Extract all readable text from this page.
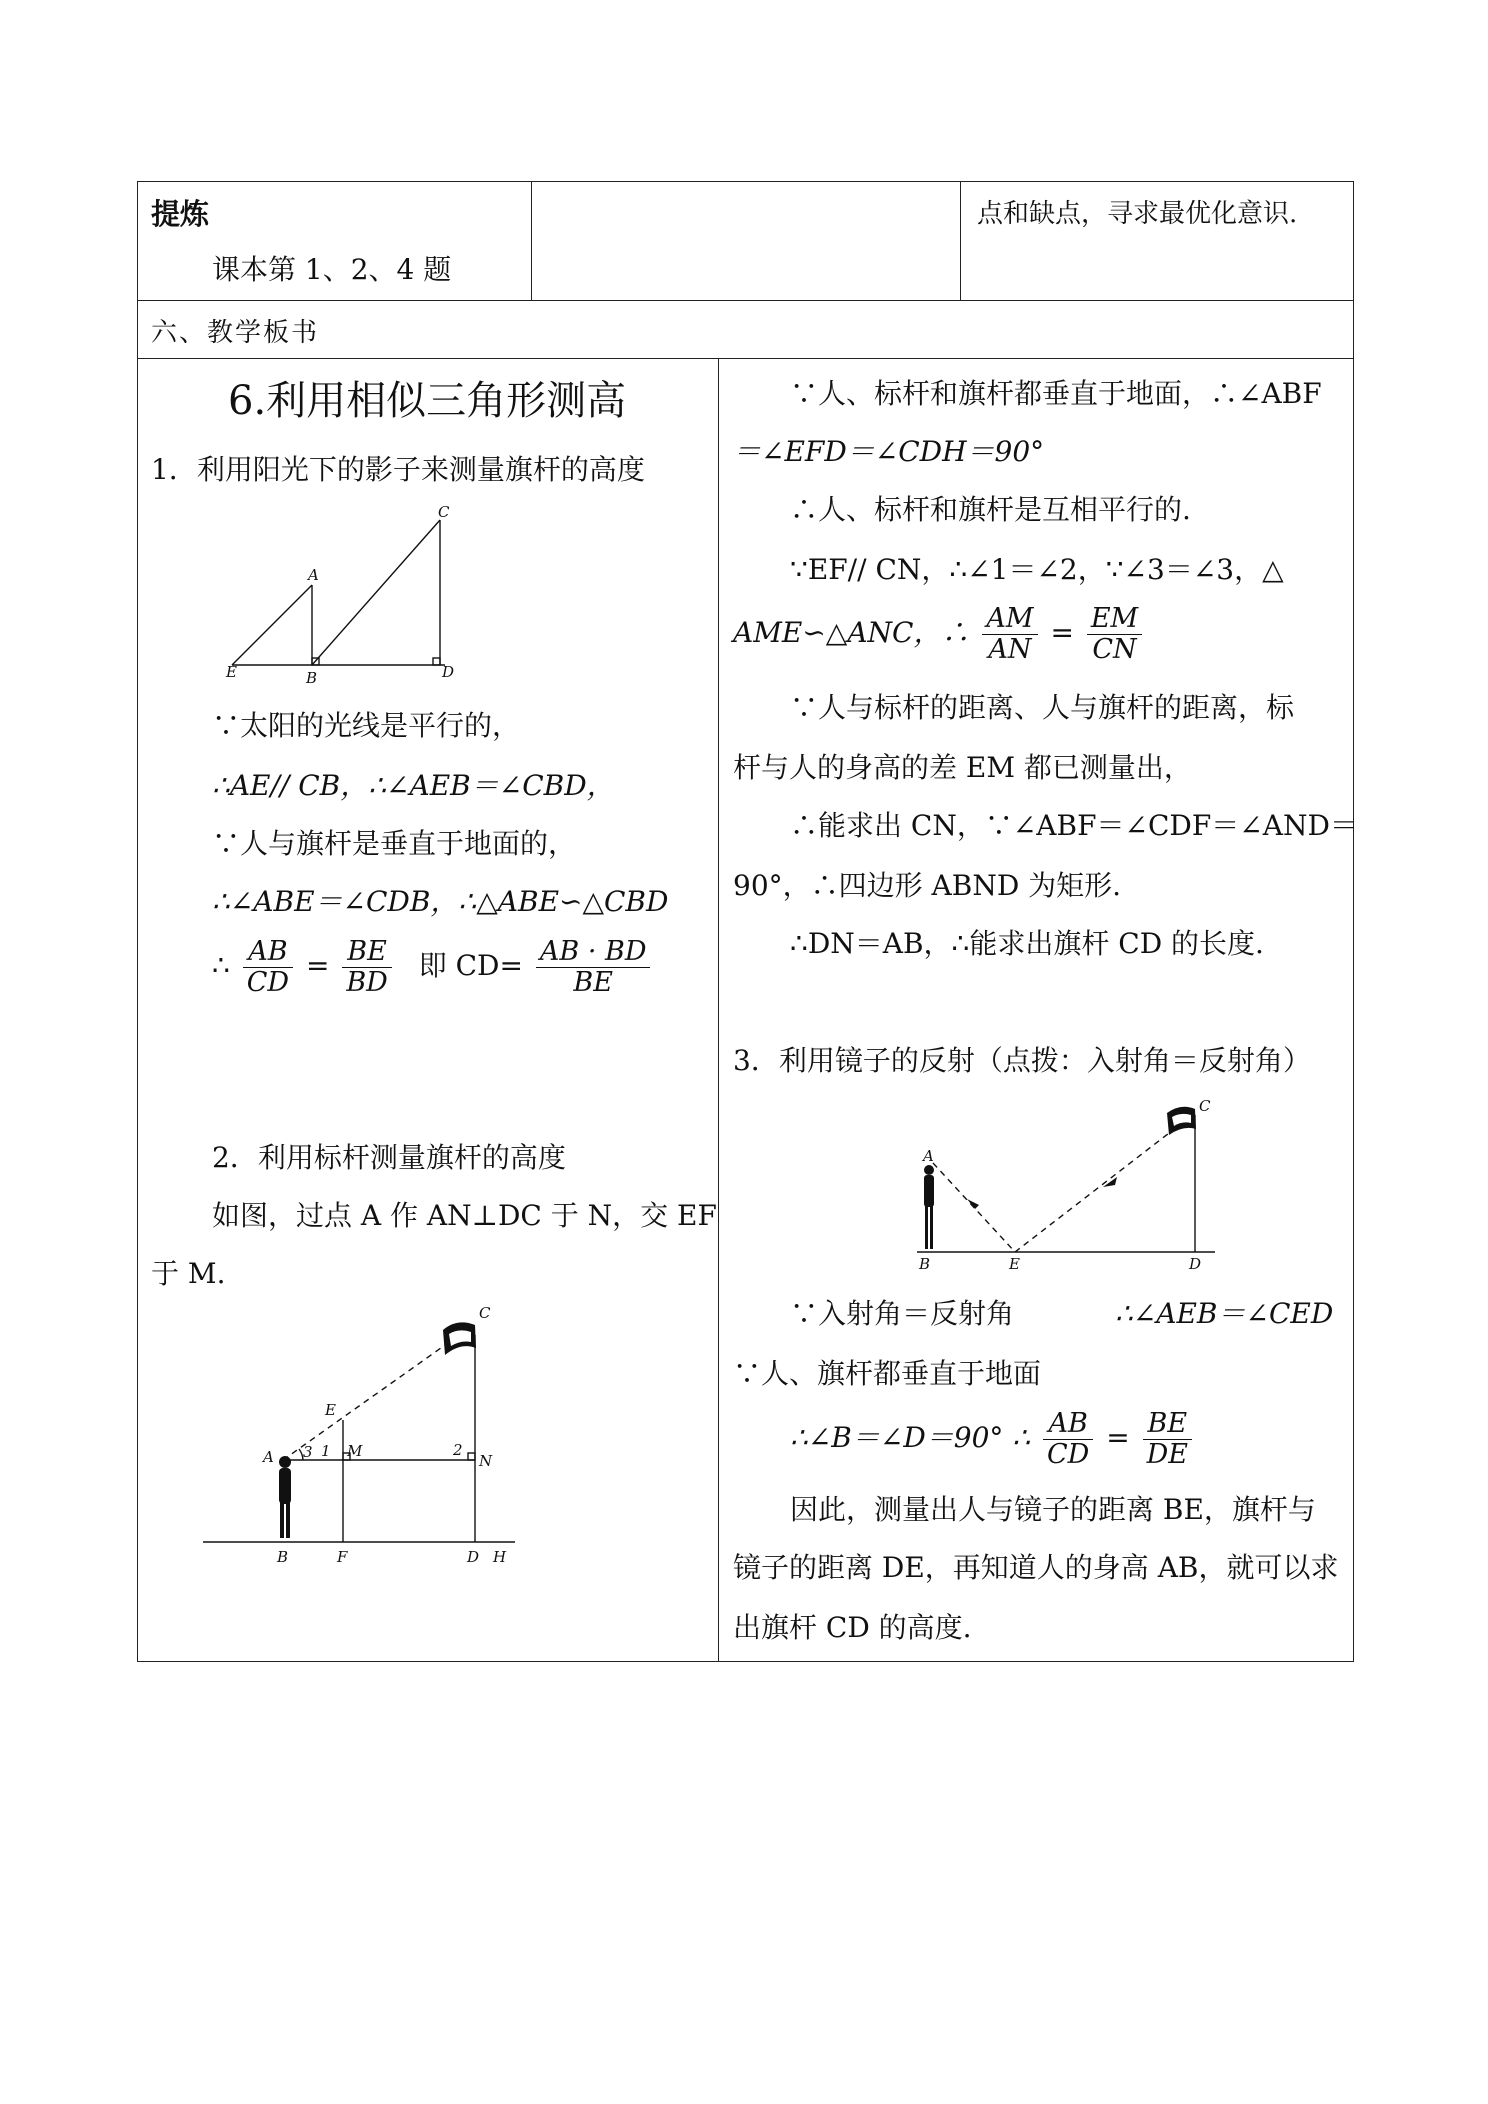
提炼
课本第 1、2、4 题
点和缺点，寻求最优化意识.
六、教学板书
6.利用相似三角形测高
1．利用阳光下的影子来测量旗杆的高度
A
B
C
D
E
∵太阳的光线是平行的，
∴AE// CB，∴∠AEB＝∠CBD，
∵人与旗杆是垂直于地面的，
∴∠ABE＝∠CDB，∴△ABE∽△CBD
∴ $\frac{AB}{CD} = \frac{BE}{BD}$ 即 $CD= \frac{AB \cdot BD}{BE}$
2．利用标杆测量旗杆的高度
如图，过点 A 作 AN⊥DC 于 N，交 EF
于 M.
A
B
C
D
E
F	H
M
N
1	2
3
∵人、标杆和旗杆都垂直于地面，∴∠ABF
＝∠EFD＝∠CDH＝90°
∴人、标杆和旗杆是互相平行的.
∵EF// CN，∴∠1＝∠2，∵∠3＝∠3，△
AME∽△ANC，∴ $\frac{AM}{AN} = \frac{EM}{CN}$
∵人与标杆的距离、人与旗杆的距离，标
杆与人的身高的差 EM 都已测量出，
∴能求出 CN，∵∠ABF＝∠CDF＝∠AND＝
90°，∴四边形 ABND 为矩形.
∴DN＝AB，∴能求出旗杆 CD 的长度.
3．利用镜子的反射（点拨：入射角＝反射角）
A
B
C
D
E
∵入射角＝反射角	∴∠AEB＝∠CED
∵人、旗杆都垂直于地面
∴∠B＝∠D＝90° ∴ $\frac{AB}{CD} = \frac{BE}{DE}$
因此，测量出人与镜子的距离 BE，旗杆与
镜子的距离 DE，再知道人的身高 AB，就可以求
出旗杆 CD 的高度.
